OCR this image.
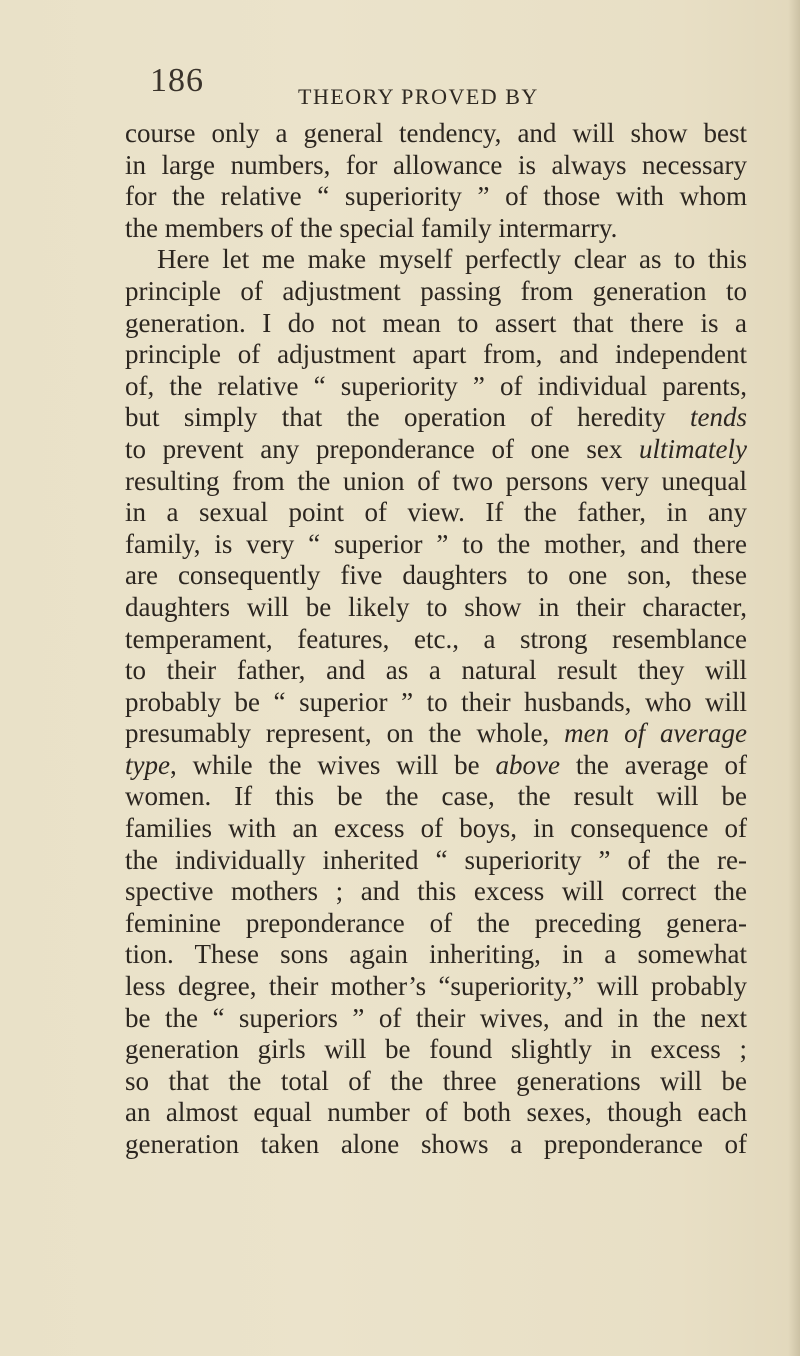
186	THEORY PROVED BY
course only a general tendency, and will show best
in large numbers, for allowance is always necessary
for the relative “ superiority ” of those with whom
the members of the special family intermarry.
Here let me make myself perfectly clear as to this
principle of adjustment passing from generation to
generation. I do not mean to assert that there is a
principle of adjustment apart from, and independent
of, the relative “ superiority ” of individual parents,
but simply that the operation of heredity tends
to prevent any preponderance of one sex ultimately
resulting from the union of two persons very unequal
in a sexual point of view. If the father, in any
family, is very “ superior ” to the mother, and there
are consequently five daughters to one son, these
daughters will be likely to show in their character,
temperament, features, etc., a strong resemblance
to their father, and as a natural result they will
probably be “ superior ” to their husbands, who will
presumably represent, on the whole, men of average
type, while the wives will be above the average of
women. If this be the case, the result will be
families with an excess of boys, in consequence of
the individually inherited “ superiority ” of the re-
spective mothers ; and this excess will correct the
feminine preponderance of the preceding genera-
tion. These sons again inheriting, in a somewhat
less degree, their mother’s “superiority,” will probably
be the “ superiors ” of their wives, and in the next
generation girls will be found slightly in excess ;
so that the total of the three generations will be
an almost equal number of both sexes, though each
generation taken alone shows a preponderance of
